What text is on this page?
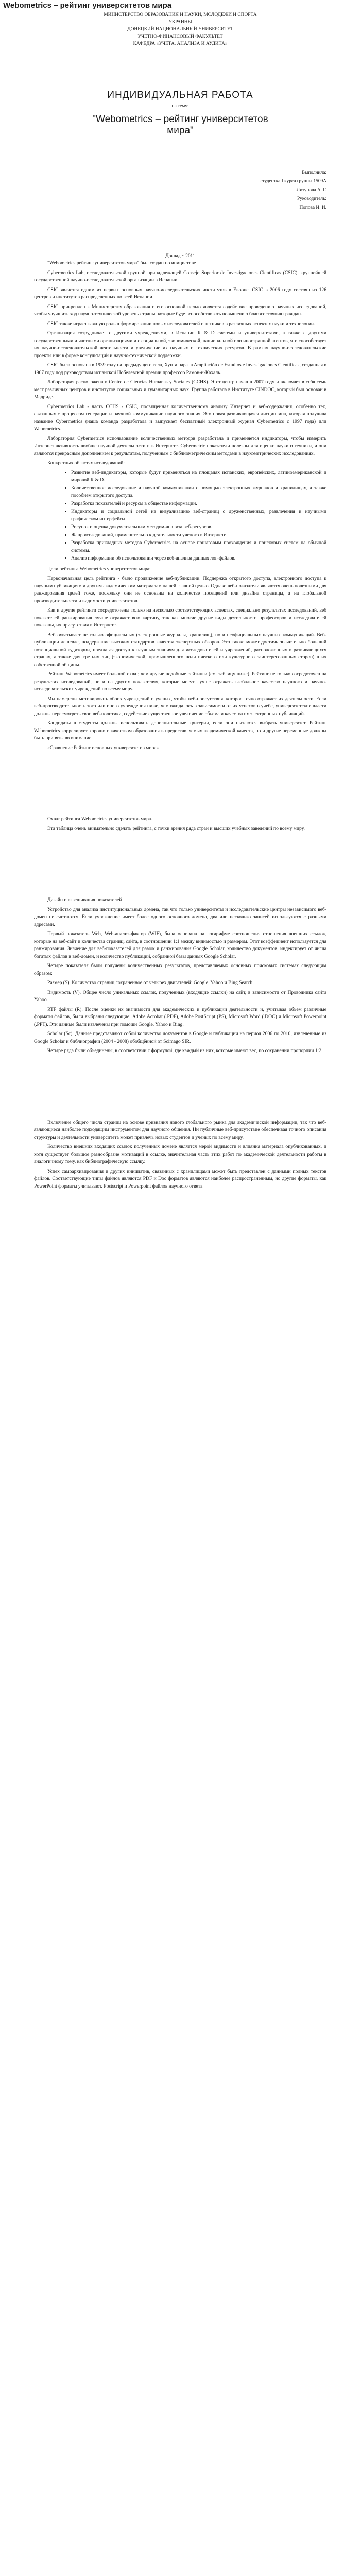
Webometrics – рейтинг университетов мира
МИНИСТЕРСТВО ОБРАЗОВАНИЯ И НАУКИ, МОЛОДЕЖИ И СПОРТА
УКРАИНЫ
ДОНЕЦКИЙ НАЦИОНАЛЬНЫЙ УНИВЕРСИТЕТ
УЧЕТНО-ФИНАНСОВЫЙ ФАКУЛЬТЕТ
КАФЕДРА «УЧЕТА, АНАЛИЗА И АУДИТА»
ИНДИВИДУАЛЬНАЯ РАБОТА
на тему:
"Webometrics – рейтинг университетов
мира"
Выполнила:
студентка I курса группы 1509А
Лизунова А. Г.
Руководитель:
Попова И. И.
Доклад ~ 2011

"Webometrics рейтинг университетов мира" был создан по инициативе

Cybermetrics Lab, исследовательской группой принадлежащей Consejo Superior de Investigaciones Cientificas (CSIC), крупнейшей государственной научно-исследовательской организации в Испании.

CSIC является одним из первых основных научно-исследовательских институтов в Европе. CSIC в 2006 году состоял из 126 центров и институтов распределенных по всей Испании.

CSIC прикреплен к Министерству образования и его основной целью является содействие проведению научных исследований, чтобы улучшить ход научно-технической уровень страны, которые будет способствовать повышению благосостояния граждан.

CSIC также играет важную роль в формировании новых исследователей и техников в различных аспектах науки и технологии.

Организация сотрудничает с другими учреждениями, в Испании R & D системы и университетами, а также с другими государственными и частными организациями и с социальной, экономической, национальной или иностранной агентов, что способствует их научно-исследовательской деятельности и увеличение их научных и технических ресурсов. В рамках научно-исследовательские проекты или в форме консультаций и научно-технической поддержки.

CSIC была основана в 1939 году на предыдущего тела, Хунта пара la Ampliación de Estudios e Investigaciones Científicas, созданная в 1907 году под руководством испанской Нобелевской премии профессор Рамон-и-Кахаль.

Лаборатория расположена в Centro de Ciencias Humanas y Sociales (CCHS). Этот центр начал в 2007 году и включает в себя семь мест различных центров и институтов социальных и гуманитарных наук. Группа работала в Институте CINDOC, который был основан в Мадриде.

Cybermetrics Lab - часть CCHS - CSIC, посвященная количественному анализу Интернет и веб-содержания, особенно тех, связанных с процессом генерации и научной коммуникации научного знания. Это новая развивающаяся дисциплина, которая получила название Cybermetrics (наша команда разработала и выпускает бесплатный электронный журнал Cybermetrics с 1997 года) или Webometrics.

Лаборатория Cybermetrics использование количественных методов разработала и применяется индикаторы, чтобы измерить Интернет активность вообще научной деятельности и в Интернете. Cybermetric показатели полезны для оценки науки и техники, и они являются прекрасным дополнением к результатам, полученным с библиометрическим методами в наукометрических исследованиях.

Конкретных областях исследований:

• Развитие веб-индикаторы, которые будут применяться на площадях испанских, европейских, латиноамериканской и мировой R & D.
• Количественное исследование и научной коммуникации с помощью электронных журналов и хранилищах, а также пособием открытого доступа.
• Разработка показателей и ресурсы в обществе информации.
• Индикаторы и социальной сетей на визуализацию веб-страниц с друженственных, развлечения и научными графическом интерфейсы.
• Рисунок и оценка документальным методом-анализа веб-ресурсов.
• Жанр исследований, применительно к деятельности ученого в Интернете.
• Разработка прикладных методов Cybermetrics на основе пошаговым прохождения и поисковых систем на обычной системы.
• Анализ информации об использовании через веб-анализа данных лог-файлов.

Цели рейтинга Webometrics университетов мира:

Первоначальная цель рейтинга - было продвижение веб-публикации. Поддержка открытого доступа, электронного доступа к научным публикациям и другим академическим материалам нашей главной целью. Однако веб-показатели являются очень полезными для ранжирования целей тоже, поскольку они не основаны на количестве посещений или дизайна страницы, а на глобальной производительности и видимости университетов.

Как и другие рейтинги сосредоточены только на несколько соответствующих аспектах, специально результатах исследований, веб показателей ранжирования лучше отражает всю картину, так как многие другие виды деятельности профессоров и исследователей показаны, их присутствия в Интернете.

Веб охватывает не только официальных (электронные журналы, хранилищ), но и неофициальных научных коммуникаций. Веб-публикации дешевле, поддержание высоких стандартов качества экспертных обзоров. Это также может достичь значительно больший потенциальной аудитории, предлагая доступ к научным знаниям для исследователей и учреждений, расположенных в развивающихся странах, а также для третьих лиц (экономической, промышленного политического или культурного заинтересованных сторон) в их собственной общины.

Рейтинг Webometrics имеет большой охват, чем другие подобные рейтинги (см. таблицу ниже). Рейтинг не только сосредоточен на результатах исследований, но и на других показателях, которые могут лучше отражать глобальное качество научного и научно-исследовательских учреждений по всему миру.

Мы намерены мотивировать обоих учреждений и ученых, чтобы веб-присутствия, которое точно отражает их деятельности. Если веб-производительность того или иного учреждения ниже, чем ожидалось в зависимости от их успехов в учебе, университетские власти должны пересмотреть свои веб-политики, содействие существенное увеличение объема и качества их электронных публикаций.

Кандидаты в студенты должны использовать дополнительные критерии, если они пытаются выбрать университет. Рейтинг Webometrics коррелирует хорошо с качеством образования в предоставляемых академической качеств, но и другие переменные должны быть приняты во внимание.

«Сравнение Рейтинг основных университетов мира»

Охват рейтинга Webometrics университетов мира.

Эта таблица очень внимательно сделать рейтинга, с точки зрения ряда стран и высших учебных заведений по всему миру.

Дизайн и взвешивания показателей

Устройство для анализа институциональных домена, так что только университеты и исследовательские центры независимого веб-домен не считаются. Если учреждение имеет более одного основного домена, два или несколько записей используются с разными адресами.

Первый показатель Web, Web-анализ-фактор (WIF), была основана на логарифме соотношения отношения внешних ссылок, которые на веб-сайт и количества страниц, сайта, в соотношении 1:1 между видимостью и размером. Этот коэффициент используется для ранжирования. Значение для веб-показателей для рамок и ранжирования Google Scholar, количество документов, индексирует от числа богатых файлов в веб-домен, и количество публикаций, собранной базы данных Google Scholar.

Четыре показателя были получены количественных результатов, представляемых основных поисковых системах следующим образом:

Размер (S). Количество страниц сохраненное от четырех двигателей: Google, Yahoo и Bing Search.

Видимость (V). Общее число уникальных ссылок, полученных (входящие ссылки) на сайт, в зависимости от Проводника сайта Yahoo.

RTF файлы (R). После оценки их значимости для академических и публикации деятельности и, учитывая объем различные форматы файлов, были выбраны следующие: Adobe Acrobat (.PDF), Adobe PostScript (PS), Microsoft Word (.DOC) и Microsoft Powerpoint (.PPT). Эти данные были извлечены при помощи Google, Yahoo и Bing.

Scholar (Sc). Данные представляют собой количество документов в Google и публикации на период 2006 по 2010, извлеченные из Google Scholar и библиографии (2004 - 2008) обобщённой от Scimago SIR.

Четыре ряда были объединены, в соответствии с формулой, где каждый из них, которые имеют вес, по сохранении пропорции 1:2.

Включение общего числа страниц на основе признания нового глобального рынка для академической информации, так что веб-являющиеся наиболее подходящим инструментом для научного общения. Ни публичные веб-присутствие обеспечивая точного описания структуры и деятельности университета может привлечь новых студентов и ученых по всему миру.

Количество внешних входящих ссылок полученных домене является мерой видимости и влияния материала опубликованных, и хотя существует большое разнообразие мотиваций в ссылке, значительная часть этих работ по академической деятельности работы в аналогичному тому, как библиографическую ссылку.

Успех самоархивирования и других инициатив, связанных с хранилищами может быть представлен с данными полных текстов файлов. Соответствующие типы файлов являются PDF и Doc форматов являются наиболее распространенным, но другие форматы, как PowerPoint форматы учитывают. Postscript и Powerpoint файлов научного ответа
